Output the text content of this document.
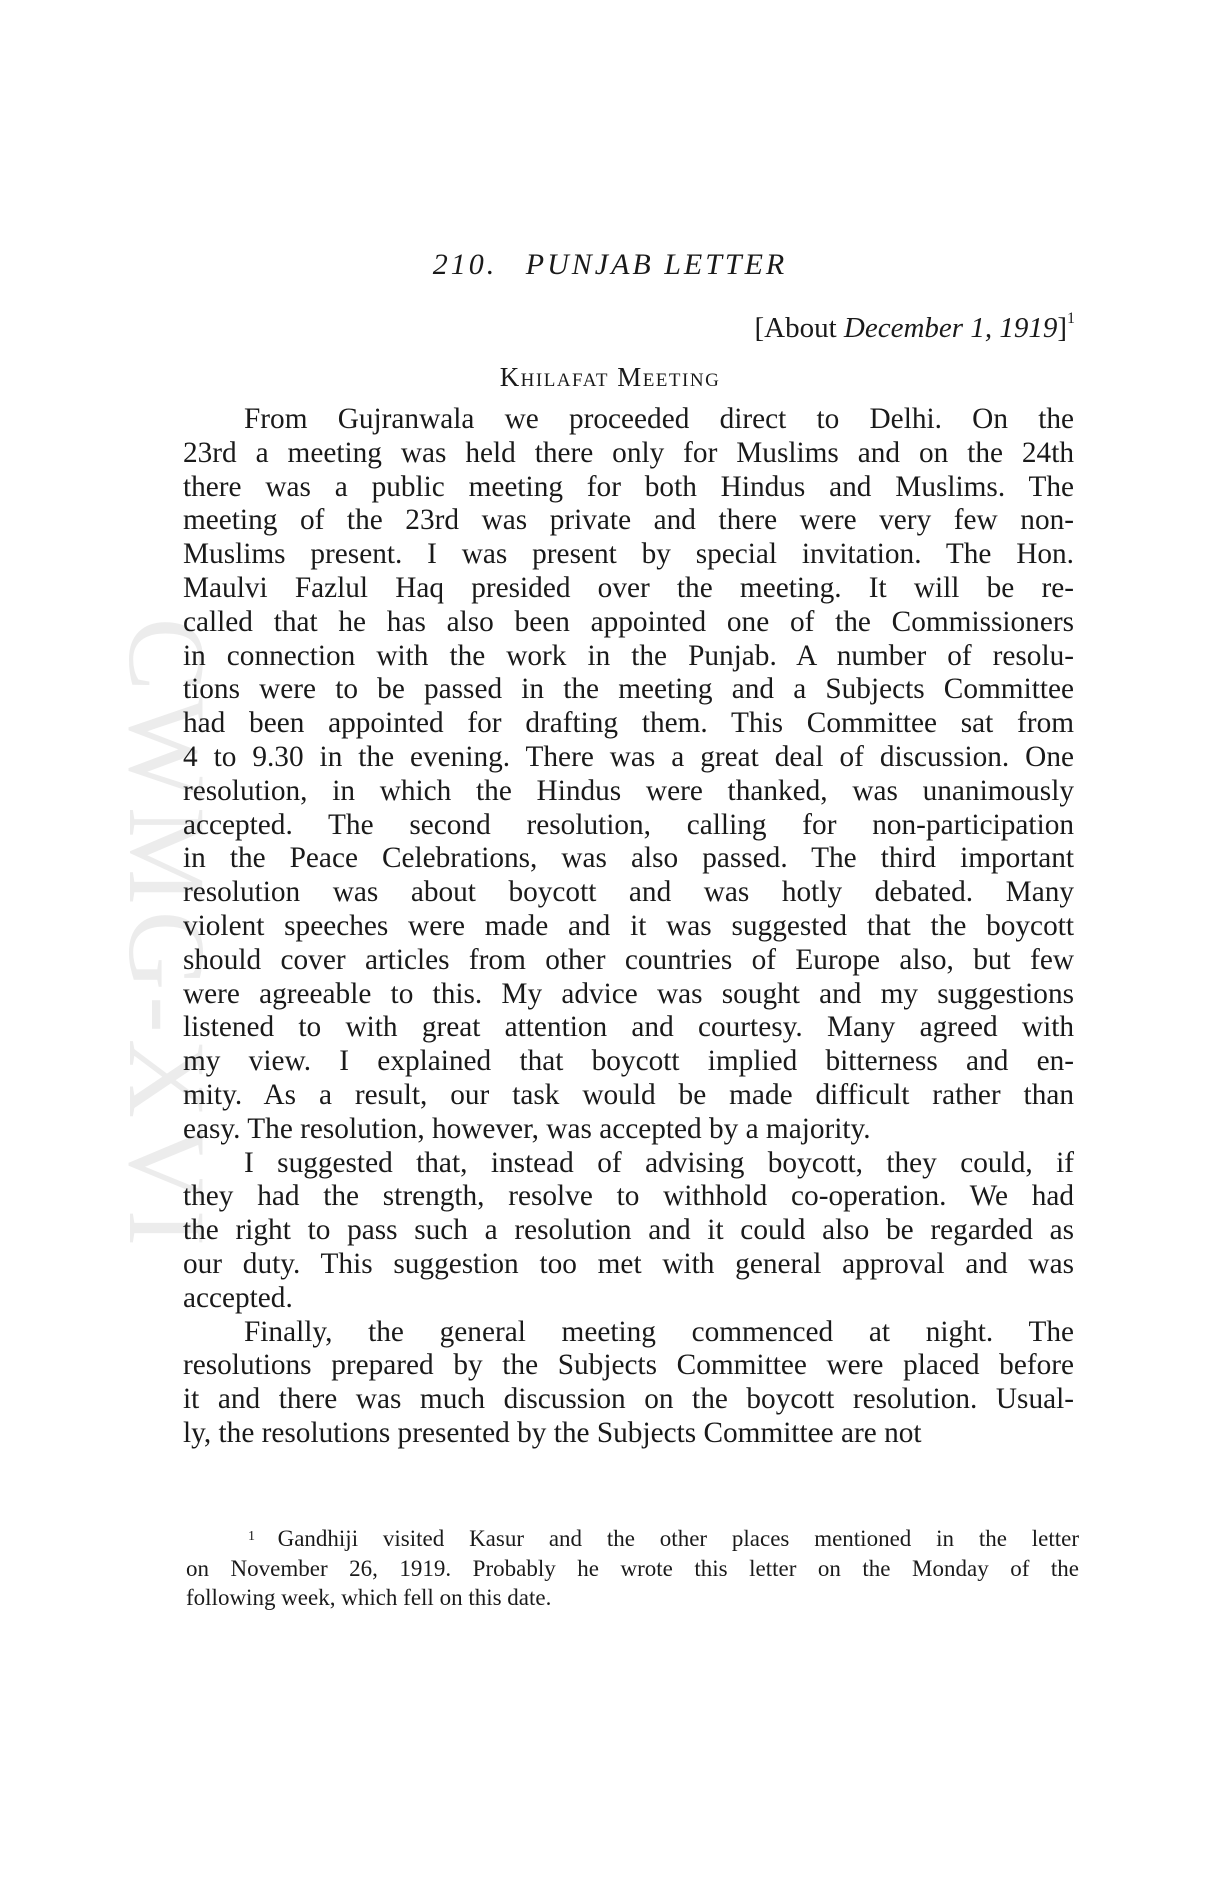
CWMG-XVI
210. PUNJAB LETTER
[About December 1, 1919]$^1$
Khilafat Meeting
From Gujranwala we proceeded direct to Delhi. On the
23rd a meeting was held there only for Muslims and on the 24th
there was a public meeting for both Hindus and Muslims. The
meeting of the 23rd was private and there were very few non-
Muslims present. I was present by special invitation. The Hon.
Maulvi Fazlul Haq presided over the meeting. It will be re-
called that he has also been appointed one of the Commissioners
in connection with the work in the Punjab. A number of resolu-
tions were to be passed in the meeting and a Subjects Committee
had been appointed for drafting them. This Committee sat from
4 to 9.30 in the evening. There was a great deal of discussion. One
resolution, in which the Hindus were thanked, was unanimously
accepted. The second resolution, calling for non-participation
in the Peace Celebrations, was also passed. The third important
resolution was about boycott and was hotly debated. Many
violent speeches were made and it was suggested that the boycott
should cover articles from other countries of Europe also, but few
were agreeable to this. My advice was sought and my suggestions
listened to with great attention and courtesy. Many agreed with
my view. I explained that boycott implied bitterness and en-
mity. As a result, our task would be made difficult rather than
easy. The resolution, however, was accepted by a majority.
I suggested that, instead of advising boycott, they could, if
they had the strength, resolve to withhold co-operation. We had
the right to pass such a resolution and it could also be regarded as
our duty. This suggestion too met with general approval and was
accepted.
Finally, the general meeting commenced at night. The
resolutions prepared by the Subjects Committee were placed before
it and there was much discussion on the boycott resolution. Usual-
ly, the resolutions presented by the Subjects Committee are not
$^1$ Gandhiji visited Kasur and the other places mentioned in the letter
on November 26, 1919. Probably he wrote this letter on the Monday of the
following week, which fell on this date.
